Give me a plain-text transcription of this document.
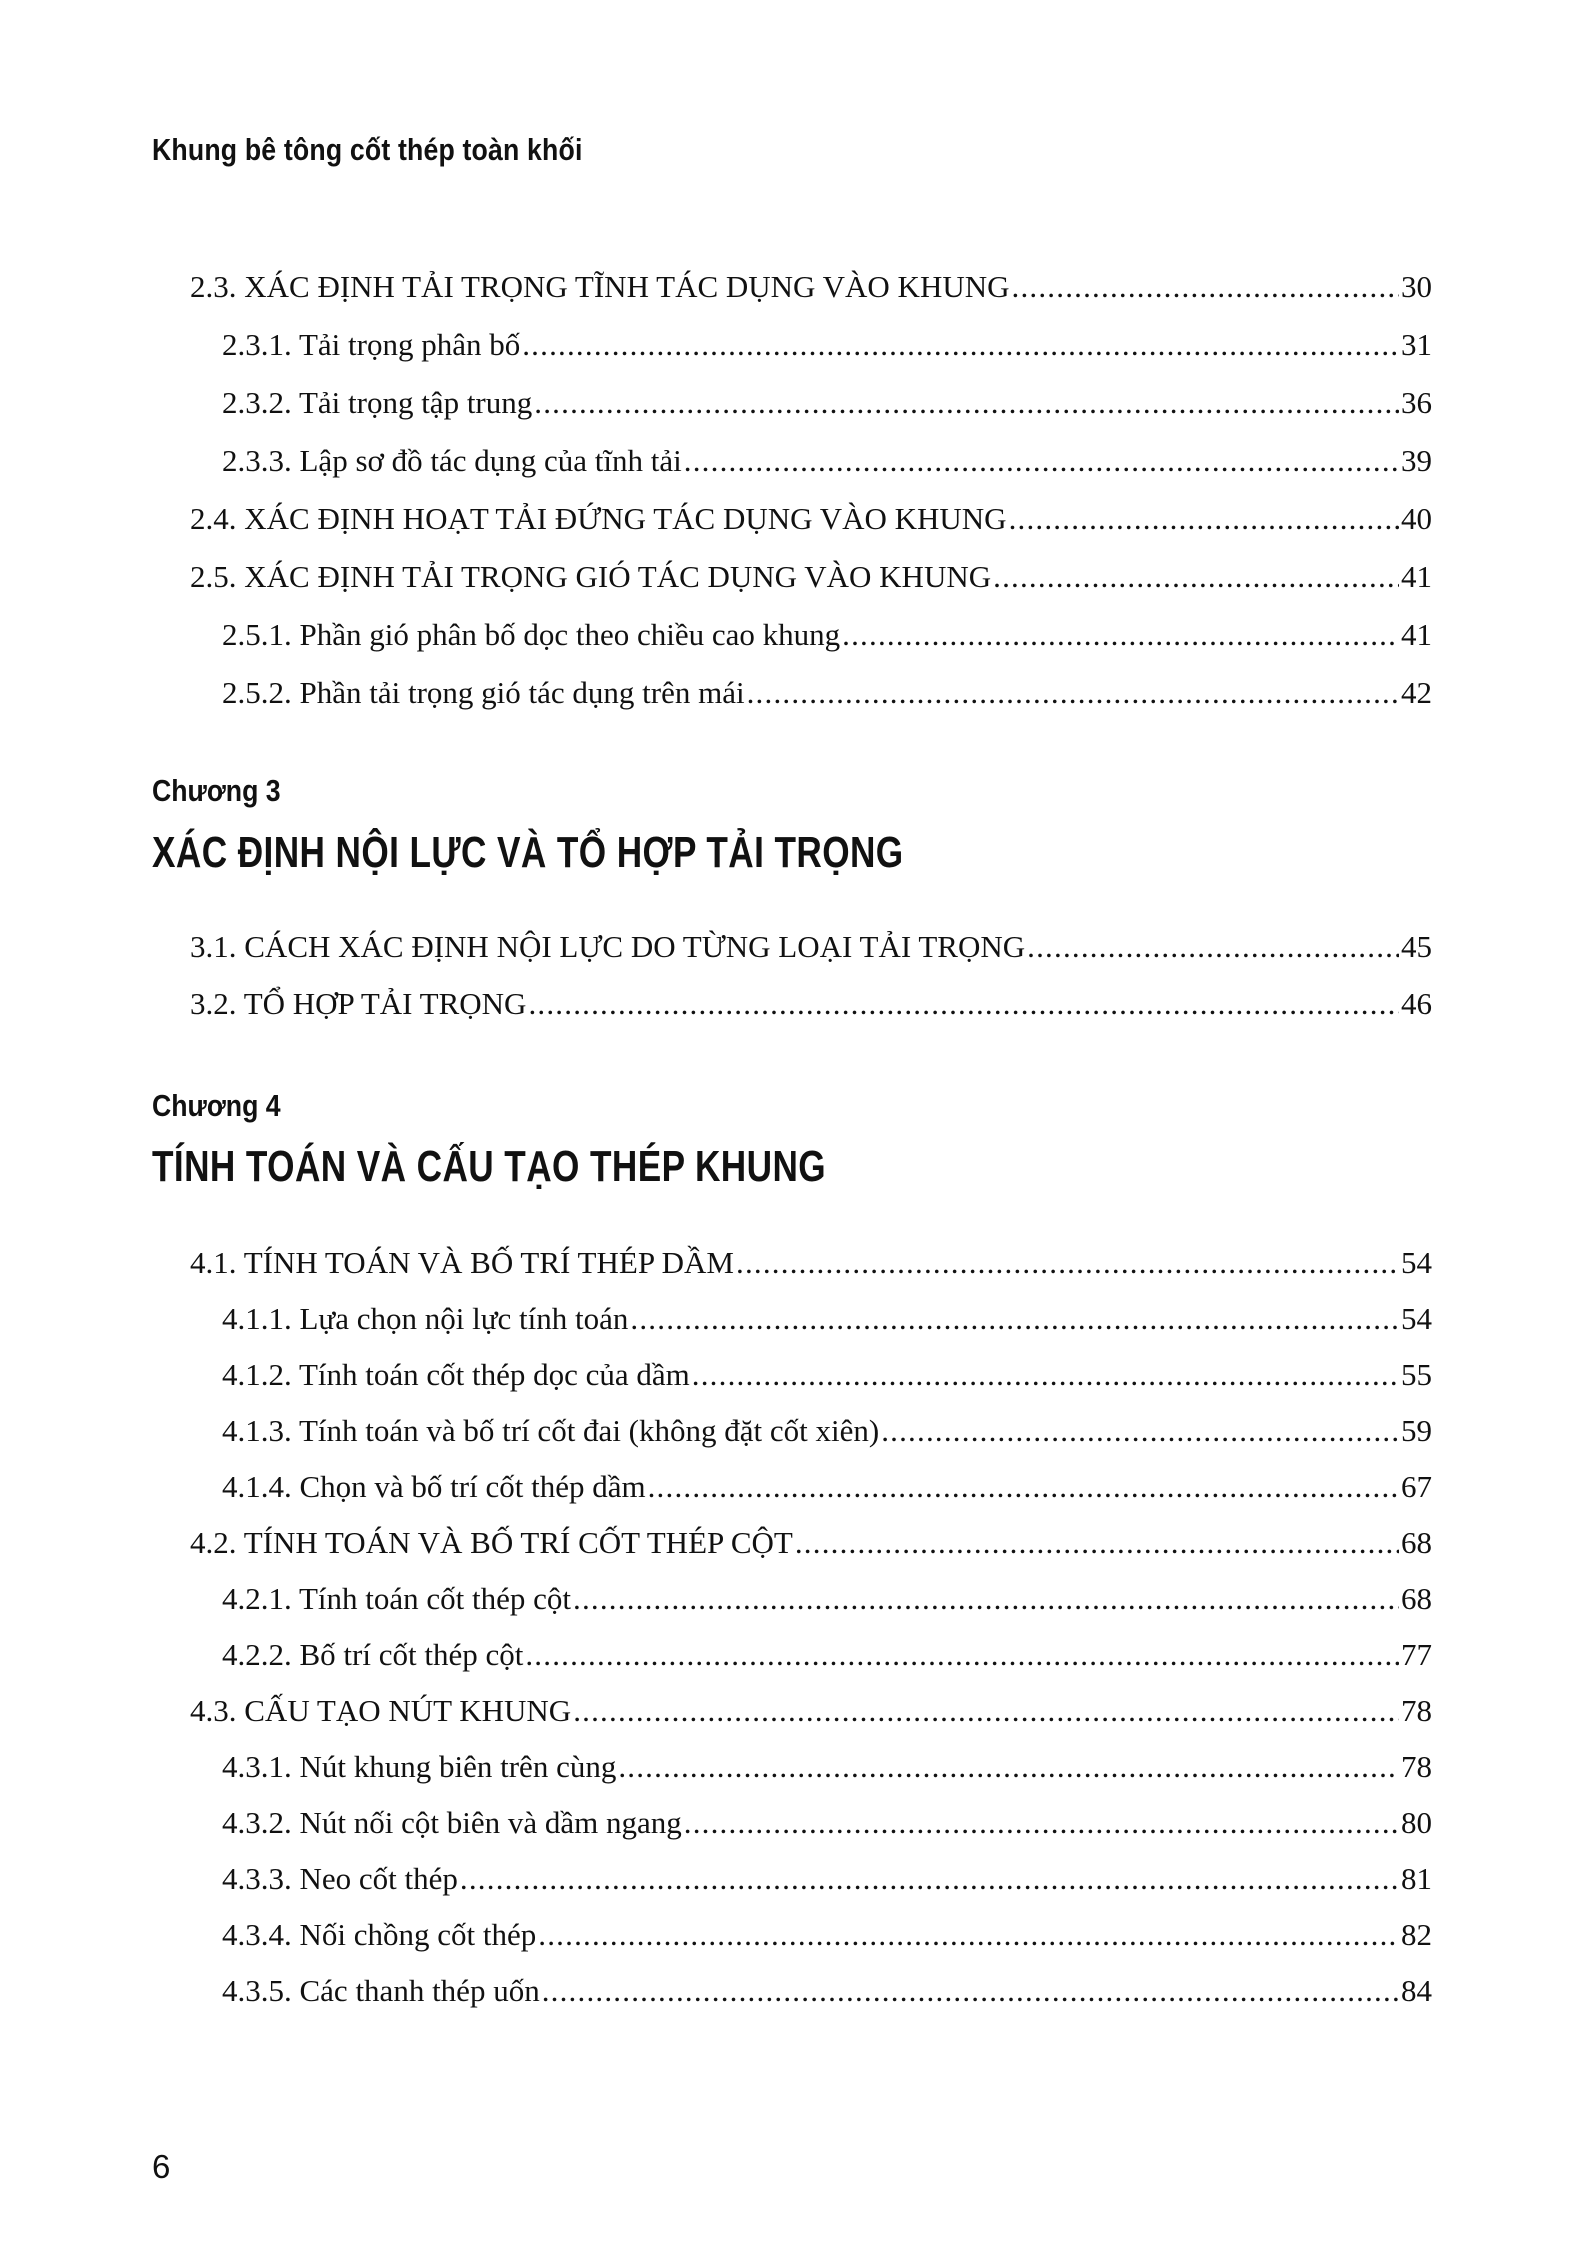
Khung bê tông cốt thép toàn khối
2.3. XÁC ĐỊNH TẢI TRỌNG TĨNH TÁC DỤNG VÀO KHUNG .....	30
2.3.1. Tải trọng phân bố .....	31
2.3.2. Tải trọng tập trung .....	36
2.3.3. Lập sơ đồ tác dụng của tĩnh tải .....	39
2.4. XÁC ĐỊNH HOẠT TẢI ĐỨNG TÁC DỤNG VÀO KHUNG .....	40
2.5. XÁC ĐỊNH TẢI TRỌNG GIÓ TÁC DỤNG VÀO KHUNG .....	41
2.5.1. Phần gió phân bố dọc theo chiều cao khung .....	41
2.5.2. Phần tải trọng gió tác dụng trên mái .....	42
Chương 3
XÁC ĐỊNH NỘI LỰC VÀ TỔ HỢP TẢI TRỌNG
3.1. CÁCH XÁC ĐỊNH NỘI LỰC DO TỪNG LOẠI TẢI TRỌNG .....	45
3.2. TỔ HỢP TẢI TRỌNG .....	46
Chương 4
TÍNH TOÁN VÀ CẤU TẠO THÉP KHUNG
4.1. TÍNH TOÁN VÀ BỐ TRÍ THÉP DẦM .....	54
4.1.1. Lựa chọn nội lực tính toán .....	54
4.1.2. Tính toán cốt thép dọc của dầm .....	55
4.1.3. Tính toán và bố trí cốt đai (không đặt cốt xiên) .....	59
4.1.4. Chọn và bố trí cốt thép dầm .....	67
4.2. TÍNH TOÁN VÀ BỐ TRÍ CỐT THÉP CỘT .....	68
4.2.1. Tính toán cốt thép cột .....	68
4.2.2. Bố trí cốt thép cột .....	77
4.3. CẤU TẠO NÚT KHUNG .....	78
4.3.1. Nút khung biên trên cùng .....	78
4.3.2. Nút nối cột biên và dầm ngang .....	80
4.3.3. Neo cốt thép .....	81
4.3.4. Nối chồng cốt thép .....	82
4.3.5. Các thanh thép uốn .....	84
6
